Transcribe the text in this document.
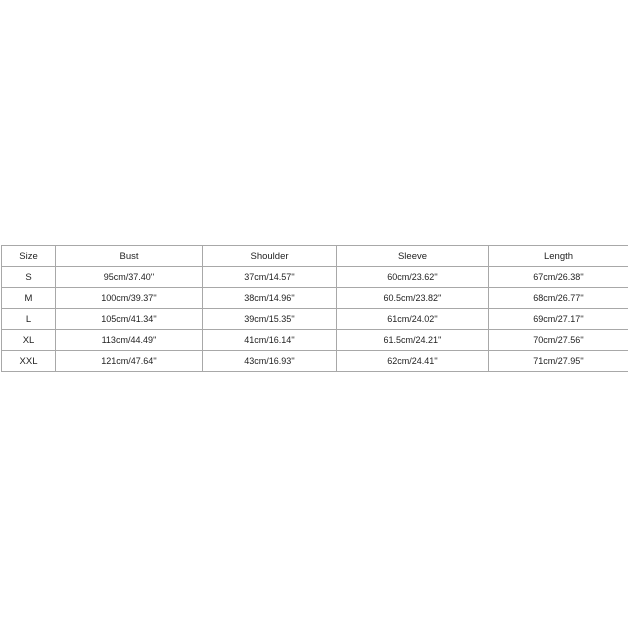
Size	Bust	Shoulder	Sleeve	Length
S	95cm/37.40''	37cm/14.57''	60cm/23.62''	67cm/26.38''
M	100cm/39.37''	38cm/14.96''	60.5cm/23.82''	68cm/26.77''
L	105cm/41.34''	39cm/15.35''	61cm/24.02''	69cm/27.17''
XL	113cm/44.49''	41cm/16.14''	61.5cm/24.21''	70cm/27.56''
XXL	121cm/47.64''	43cm/16.93''	62cm/24.41''	71cm/27.95''
